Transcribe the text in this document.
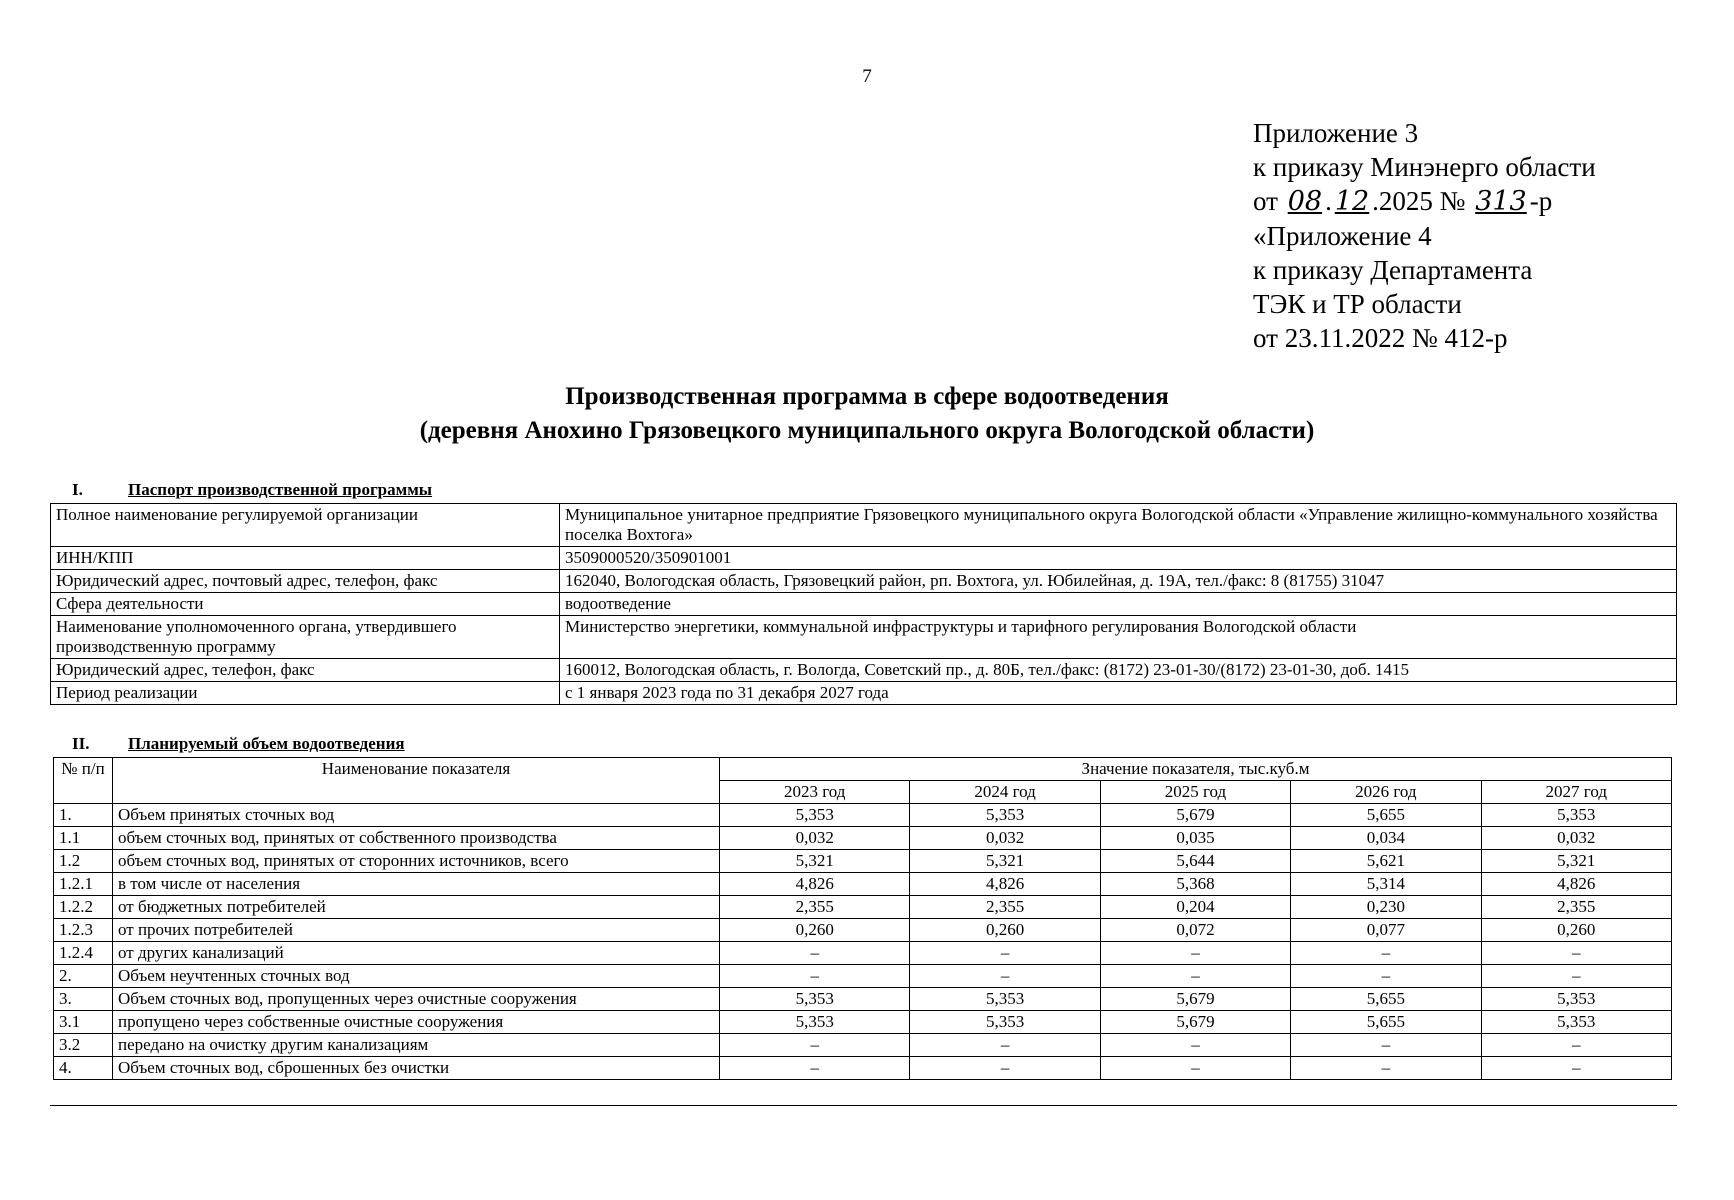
7
Приложение 3
к приказу Минэнерго области
от 08 . 12 .2025 № 313 -р
«Приложение 4
к приказу Департамента
ТЭК и ТР области
от 23.11.2022 № 412-р
Производственная программа в сфере водоотведения
(деревня Анохино Грязовецкого муниципального округа Вологодской области)
I.	Паспорт производственной программы
Полное наименование регулируемой организации	Муниципальное унитарное предприятие Грязовецкого муниципального округа Вологодской области «Управление жилищно-коммунального хозяйства поселка Вохтога»
ИНН/КПП	3509000520/350901001
Юридический адрес, почтовый адрес, телефон, факс	162040, Вологодская область, Грязовецкий район, рп. Вохтога, ул. Юбилейная, д. 19А, тел./факс: 8 (81755) 31047
Сфера деятельности	водоотведение
Наименование уполномоченного органа, утвердившего производственную программу	Министерство энергетики, коммунальной инфраструктуры и тарифного регулирования Вологодской области
Юридический адрес, телефон, факс	160012, Вологодская область, г. Вологда, Советский пр., д. 80Б, тел./факс: (8172) 23-01-30/(8172) 23-01-30, доб. 1415
Период реализации	с 1 января 2023 года по 31 декабря 2027 года
II. Планируемый объем водоотведения
№ п/п	Наименование показателя	Значение показателя, тыс.куб.м				
		2023 год	2024 год	2025 год	2026 год	2027 год
1.	Объем принятых сточных вод	5,353	5,353	5,679	5,655	5,353
1.1	объем сточных вод, принятых от собственного производства	0,032	0,032	0,035	0,034	0,032
1.2	объем сточных вод, принятых от сторонних источников, всего	5,321	5,321	5,644	5,621	5,321
1.2.1	в том числе от населения	4,826	4,826	5,368	5,314	4,826
1.2.2	от бюджетных потребителей	2,355	2,355	0,204	0,230	2,355
1.2.3	от прочих потребителей	0,260	0,260	0,072	0,077	0,260
1.2.4	от других канализаций	–	–	–	–	–
2.	Объем неучтенных сточных вод	–	–	–	–	–
3.	Объем сточных вод, пропущенных через очистные сооружения	5,353	5,353	5,679	5,655	5,353
3.1	пропущено через собственные очистные сооружения	5,353	5,353	5,679	5,655	5,353
3.2	передано на очистку другим канализациям	–	–	–	–	–
4.	Объем сточных вод, сброшенных без очистки	–	–	–	–	–
